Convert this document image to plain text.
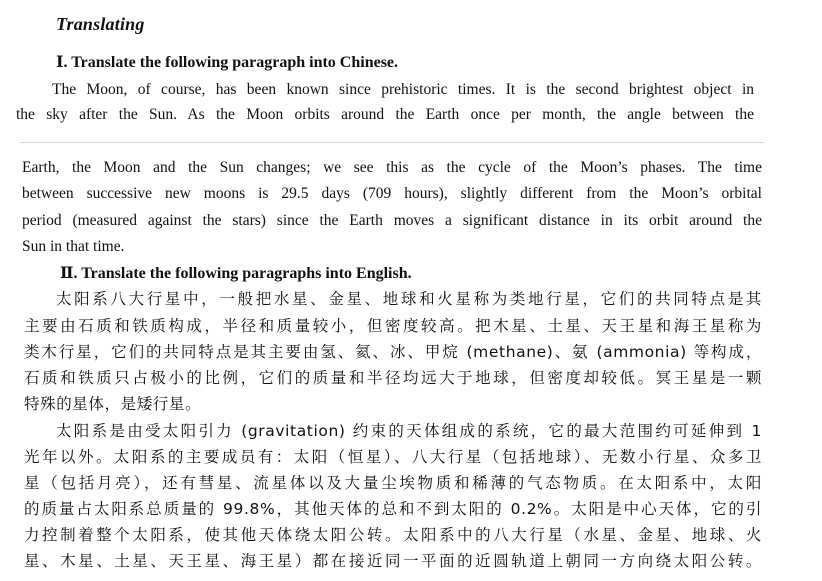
Translating
Ⅰ. Translate the following paragraph into Chinese.
The Moon, of course, has been known since prehistoric times. It is the second brightest object in
the sky after the Sun. As the Moon orbits around the Earth once per month, the angle between the
Earth, the Moon and the Sun changes; we see this as the cycle of the Moon’s phases. The time
between successive new moons is 29.5 days (709 hours), slightly different from the Moon’s orbital
period (measured against the stars) since the Earth moves a significant distance in its orbit around the
Sun in that time.
Ⅱ. Translate the following paragraphs into English.
太阳系八大行星中，一般把水星、金星、地球和火星称为类地行星，它们的共同特点是其
主要由石质和铁质构成，半径和质量较小，但密度较高。把木星、土星、天王星和海王星称为
类木行星，它们的共同特点是其主要由氢、氦、冰、甲烷 (methane)、氨 (ammonia) 等构成，
石质和铁质只占极小的比例，它们的质量和半径均远大于地球，但密度却较低。冥王星是一颗
特殊的星体，是矮行星。
太阳系是由受太阳引力 (gravitation) 约束的天体组成的系统，它的最大范围约可延伸到 1
光年以外。太阳系的主要成员有：太阳（恒星）、八大行星（包括地球）、无数小行星、众多卫
星（包括月亮），还有彗星、流星体以及大量尘埃物质和稀薄的气态物质。在太阳系中，太阳
的质量占太阳系总质量的 99.8%，其他天体的总和不到太阳的 0.2%。太阳是中心天体，它的引
力控制着整个太阳系，使其他天体绕太阳公转。太阳系中的八大行星（水星、金星、地球、火
星、木星、土星、天王星、海王星）都在接近同一平面的近圆轨道上朝同一方向绕太阳公转。
